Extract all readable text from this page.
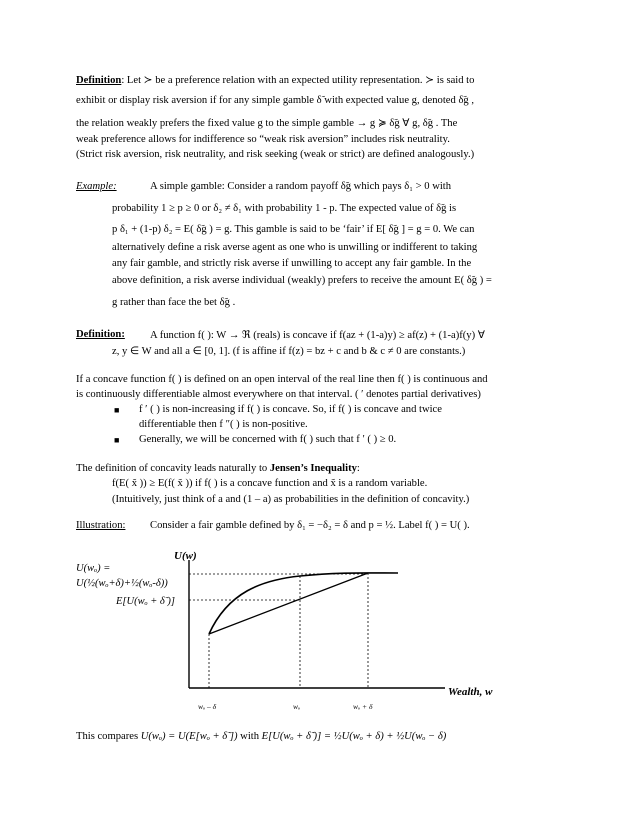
Definition: Let ≻ be a preference relation with an expected utility representation. ≻ is said to
exhibit or display risk aversion if for any simple gamble δ̃ with expected value g, denoted δ̃g ,
the relation weakly prefers the fixed value g to the simple gamble → g ≽ δ̃g ∀ g, δ̃g . The
weak preference allows for indifference so “weak risk aversion” includes risk neutrality.
(Strict risk aversion, risk neutrality, and risk seeking (weak or strict) are defined analogously.)
Example:	A simple gamble: Consider a random payoff δ̃g which pays δ₁ > 0 with
probability 1 ≥ p ≥ 0 or δ₂ ≠ δ₁ with probability 1 - p. The expected value of δ̃g is
p δ₁ + (1-p) δ₂ = E( δ̃g ) = g. This gamble is said to be ‘fair’ if E[ δ̃g ] = g = 0. We can
alternatively define a risk averse agent as one who is unwilling or indifferent to taking
any fair gamble, and strictly risk averse if unwilling to accept any fair gamble. In the
above definition, a risk averse individual (weakly) prefers to receive the amount E( δ̃g ) =
g rather than face the bet δ̃g .
Definition: A function f( ): W → ℜ (reals) is concave if f(az + (1-a)y) ≥ af(z) + (1-a)f(y) ∀
z, y ∈ W and all a ∈ [0, 1]. (f is affine if f(z) = bz + c and b & c ≠ 0 are constants.)
If a concave function f( ) is defined on an open interval of the real line then f( ) is continuous and
is continuously differentiable almost everywhere on that interval. ( ′ denotes partial derivatives)
■ f ′ ( ) is non-increasing if f( ) is concave. So, if f( ) is concave and twice
differentiable then f ″( ) is non-positive.
■ Generally, we will be concerned with f( ) such that f ′ ( ) ≥ 0.
The definition of concavity leads naturally to Jensen’s Inequality:
f(E( x̃ )) ≥ E(f( x̃ )) if f( ) is a concave function and x̃ is a random variable.
(Intuitively, just think of a and (1 – a) as probabilities in the definition of concavity.)
Illustration: Consider a fair gamble defined by δ₁ = −δ₂ = δ and p = ½. Label f( ) = U( ).
U(w)
Wealth, w
U(wₒ) =
U(½(wₒ+δ)+½(wₒ-δ))
E[U(wₒ + δ̃ )]
wₒ – δ	wₒ	wₒ + δ
This compares U(wₒ) = U(E[wₒ + δ̃ ]) with E[U(wₒ + δ̃ )] = ½U(wₒ + δ) + ½U(wₒ − δ)
